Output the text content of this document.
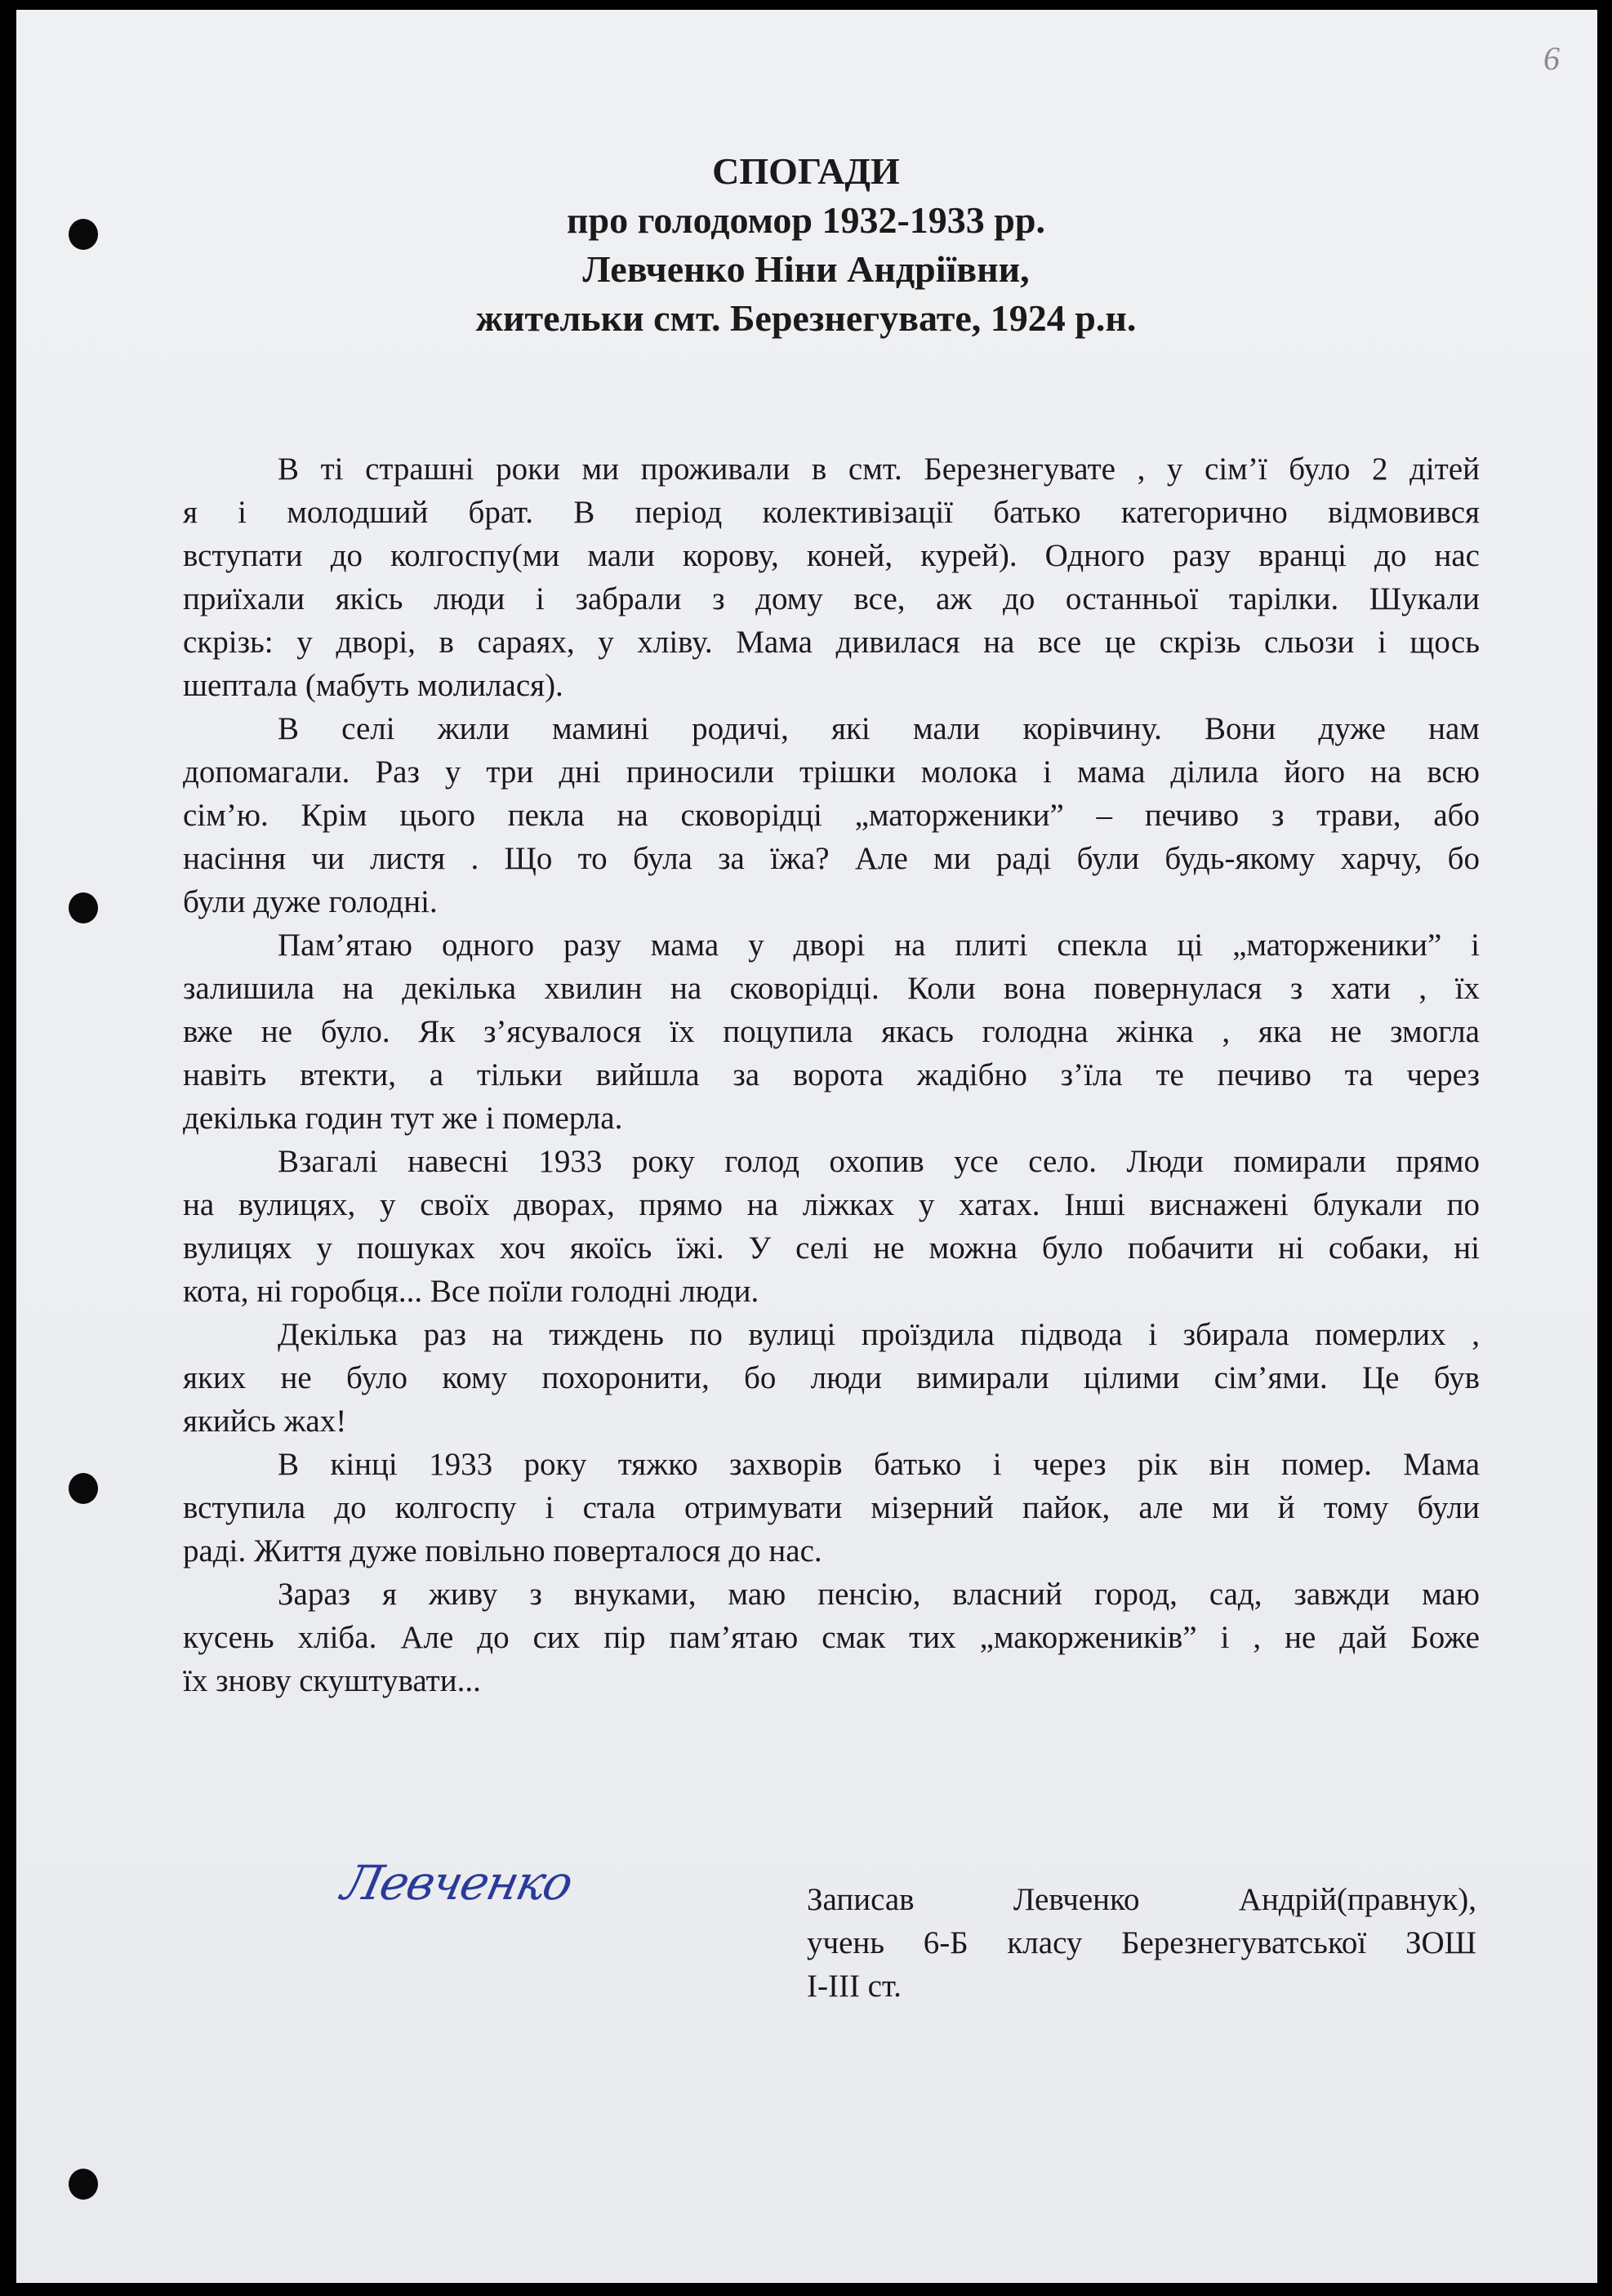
6
СПОГАДИ
про голодомор 1932-1933 рр.
Левченко Ніни Андріївни,
жительки смт. Березнегувате, 1924 р.н.
В ті страшні роки ми проживали в смт. Березнегувате , у сім’ї було 2 дітей
я і молодший брат. В період колективізації батько категорично відмовився
вступати до колгоспу(ми мали корову, коней, курей). Одного разу вранці до нас
приїхали якісь люди і забрали з дому все, аж до останньої тарілки. Шукали
скрізь: у дворі, в сараях, у хліву. Мама дивилася на все це скрізь сльози і щось
шептала (мабуть молилася).
В селі жили мамині родичі, які мали корівчину. Вони дуже нам
допомагали. Раз у три дні приносили трішки молока і мама ділила його на всю
сім’ю. Крім цього пекла на сковорідці „маторженики” – печиво з трави, або
насіння чи листя . Що то була за їжа? Але ми раді були будь-якому харчу, бо
були дуже голодні.
Пам’ятаю одного разу мама у дворі на плиті спекла ці „маторженики” і
залишила на декілька хвилин на сковорідці. Коли вона повернулася з хати , їх
вже не було. Як з’ясувалося їх поцупила якась голодна жінка , яка не змогла
навіть втекти, а тільки вийшла за ворота жадібно з’їла те печиво та через
декілька годин тут же і померла.
Взагалі навесні 1933 року голод охопив усе село. Люди помирали прямо
на вулицях, у своїх дворах, прямо на ліжках у хатах. Інші виснажені блукали по
вулицях у пошуках хоч якоїсь їжі. У селі не можна було побачити ні собаки, ні
кота, ні горобця... Все поїли голодні люди.
Декілька раз на тиждень по вулиці проїздила підвода і збирала померлих ,
яких не було кому похоронити, бо люди вимирали цілими сім’ями. Це був
якийсь жах!
В кінці 1933 року тяжко захворів батько і через рік він помер. Мама
вступила до колгоспу і стала отримувати мізерний пайок, але ми й тому були
раді. Життя дуже повільно поверталося до нас.
Зараз я живу з внуками, маю пенсію, власний город, сад, завжди маю
кусень хліба. Але до сих пір пам’ятаю смак тих „макорженикiв” і , не дай Боже
їх знову скуштувати...
Левченко	Записав Левченко Андрій(правнук),
учень 6-Б класу Березнегуватської ЗОШ
І-ІІІ ст.
